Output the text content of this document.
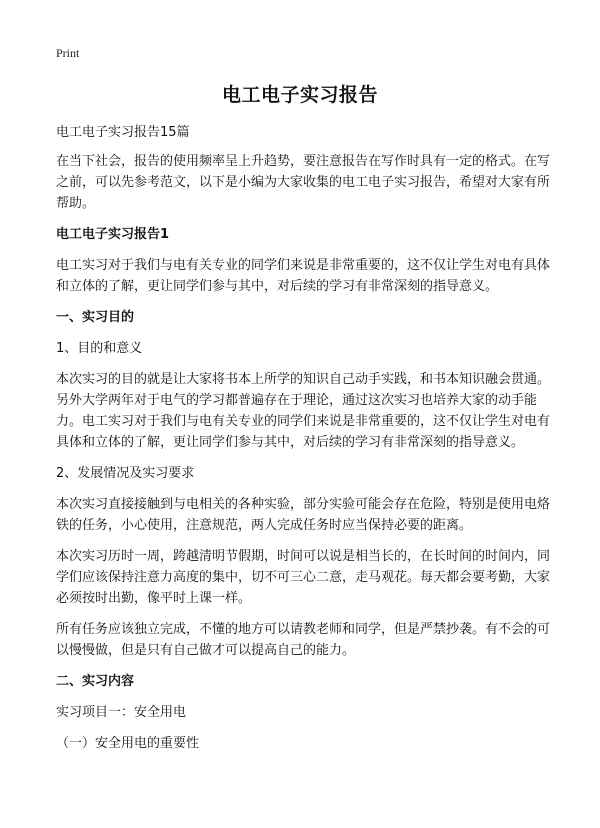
Print
电工电子实习报告

电工电子实习报告15篇

在当下社会，报告的使用频率呈上升趋势，要注意报告在写作时具有一定的格式。在写之前，可以先参考范文，以下是小编为大家收集的电工电子实习报告，希望对大家有所帮助。

电工电子实习报告1

电工实习对于我们与电有关专业的同学们来说是非常重要的，这不仅让学生对电有具体和立体的了解，更让同学们参与其中，对后续的学习有非常深刻的指导意义。

一、实习目的

1、目的和意义

本次实习的目的就是让大家将书本上所学的知识自己动手实践，和书本知识融会贯通。另外大学两年对于电气的学习都普遍存在于理论，通过这次实习也培养大家的动手能力。电工实习对于我们与电有关专业的同学们来说是非常重要的，这不仅让学生对电有具体和立体的了解，更让同学们参与其中，对后续的学习有非常深刻的指导意义。

2、发展情况及实习要求

本次实习直接接触到与电相关的各种实验，部分实验可能会存在危险，特别是使用电烙铁的任务，小心使用，注意规范，两人完成任务时应当保持必要的距离。

本次实习历时一周，跨越清明节假期，时间可以说是相当长的，在长时间的时间内，同学们应该保持注意力高度的集中，切不可三心二意，走马观花。每天都会要考勤，大家必须按时出勤，像平时上课一样。

所有任务应该独立完成，不懂的地方可以请教老师和同学，但是严禁抄袭。有不会的可以慢慢做，但是只有自己做才可以提高自己的能力。

二、实习内容

实习项目一：安全用电

（一）安全用电的重要性
